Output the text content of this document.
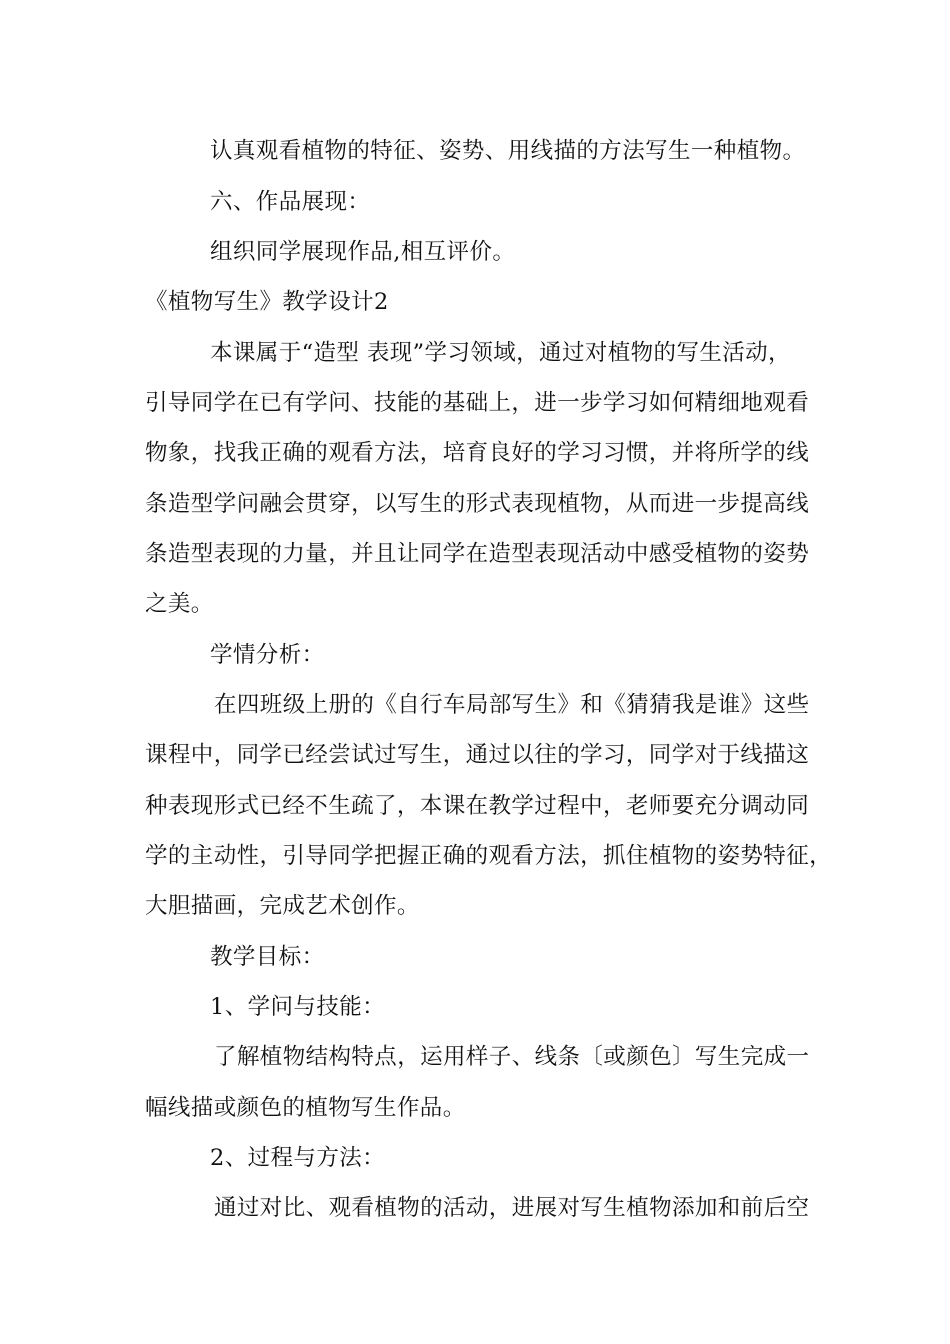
认真观看植物的特征、姿势、用线描的方法写生一种植物。
六、作品展现：
组织同学展现作品,相互评价。
《植物写生》教学设计2
本课属于“造型 表现”学习领域，通过对植物的写生活动，
引导同学在已有学问、技能的基础上，进一步学习如何精细地观看
物象，找我正确的观看方法，培育良好的学习习惯，并将所学的线
条造型学问融会贯穿，以写生的形式表现植物，从而进一步提高线
条造型表现的力量，并且让同学在造型表现活动中感受植物的姿势
之美。
学情分析：
在四班级上册的《自行车局部写生》和《猜猜我是谁》这些
课程中，同学已经尝试过写生，通过以往的学习，同学对于线描这
种表现形式已经不生疏了，本课在教学过程中，老师要充分调动同
学的主动性，引导同学把握正确的观看方法，抓住植物的姿势特征，
大胆描画，完成艺术创作。
教学目标：
1、学问与技能：
了解植物结构特点，运用样子、线条〔或颜色〕写生完成一
幅线描或颜色的植物写生作品。
2、过程与方法：
通过对比、观看植物的活动，进展对写生植物添加和前后空
